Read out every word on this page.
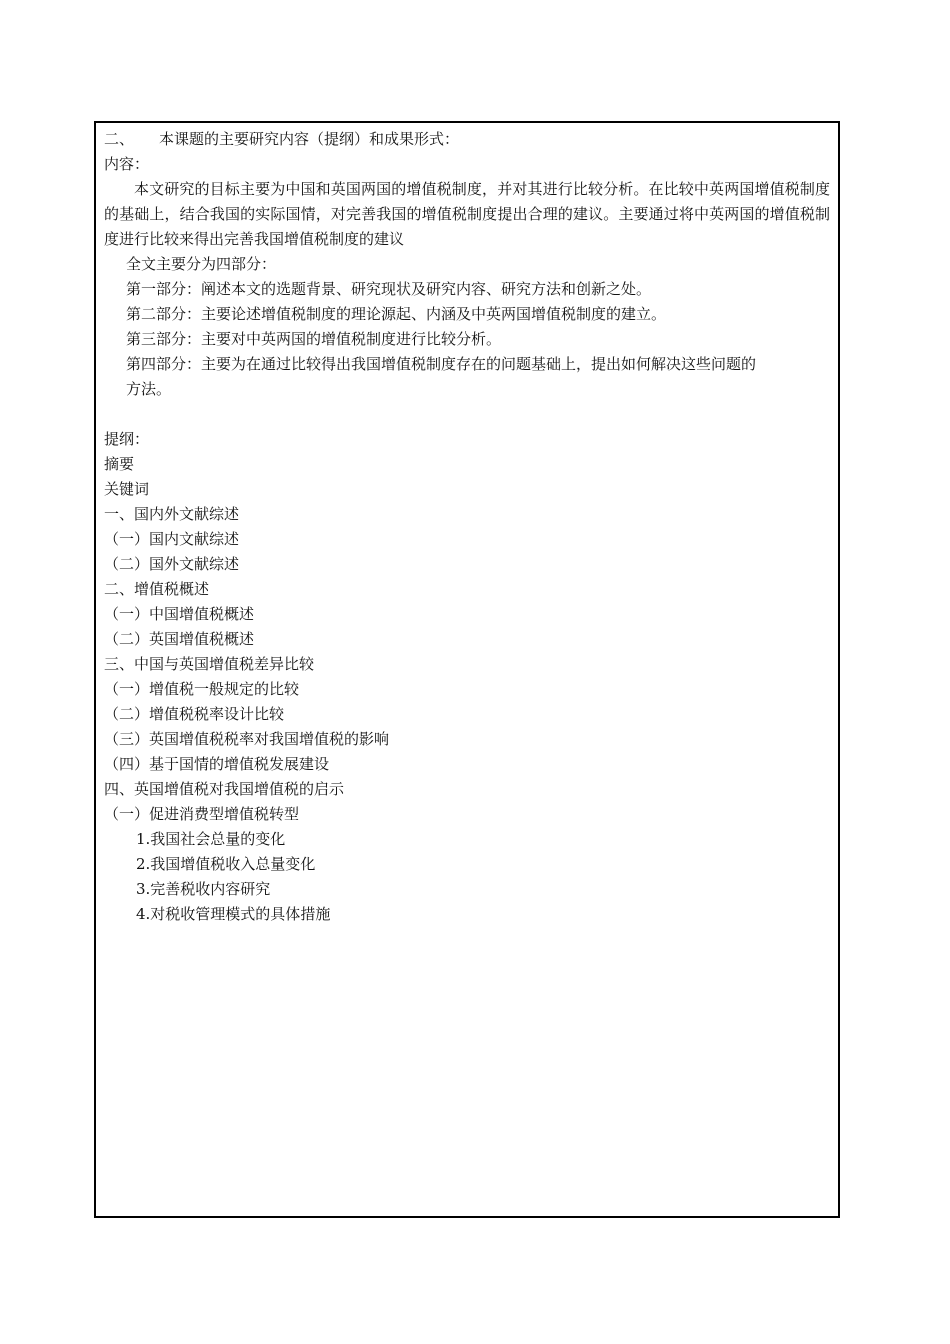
二、	本课题的主要研究内容（提纲）和成果形式：
内容：

本文研究的目标主要为中国和英国两国的增值税制度，并对其进行比较分析。在比较中英两国增值税制度的基础上，结合我国的实际国情，对完善我国的增值税制度提出合理的建议。主要通过将中英两国的增值税制度进行比较来得出完善我国增值税制度的建议

全文主要分为四部分：
第一部分：阐述本文的选题背景、研究现状及研究内容、研究方法和创新之处。
第二部分：主要论述增值税制度的理论源起、内涵及中英两国增值税制度的建立。
第三部分：主要对中英两国的增值税制度进行比较分析。
第四部分：主要为在通过比较得出我国增值税制度存在的问题基础上，提出如何解决这些问题的
方法。
提纲：
摘要
关键词
一、国内外文献综述
（一）国内文献综述
（二）国外文献综述
二、增值税概述
（一）中国增值税概述
（二）英国增值税概述
三、中国与英国增值税差异比较
（一）增值税一般规定的比较
（二）增值税税率设计比较
（三）英国增值税税率对我国增值税的影响
（四）基于国情的增值税发展建设
四、英国增值税对我国增值税的启示
（一）促进消费型增值税转型
1.我国社会总量的变化
2.我国增值税收入总量变化
3.完善税收内容研究
4.对税收管理模式的具体措施
